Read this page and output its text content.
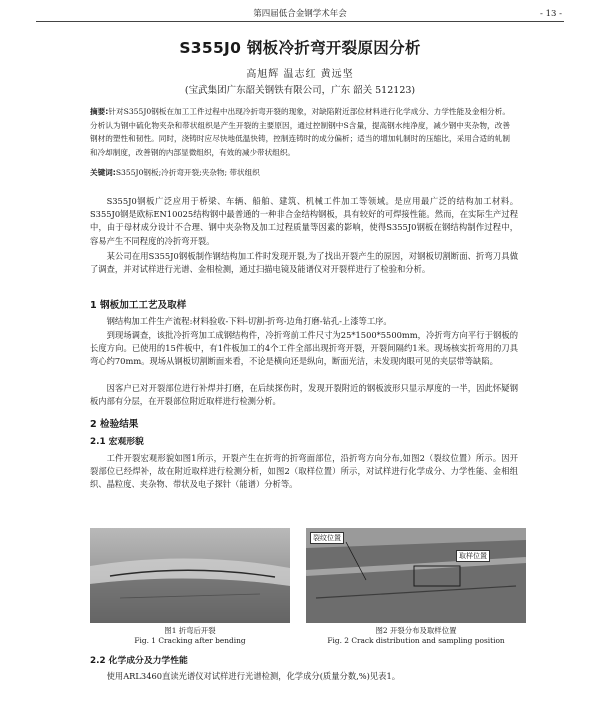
第四届低合金钢学术年会	- 13 -
S355J0 钢板冷折弯开裂原因分析
高旭辉 温志红 黄远坚
(宝武集团广东韶关钢铁有限公司，广东 韶关 512123)
摘要:针对S355J0钢板在加工工件过程中出现冷折弯开裂的现象，对缺陷附近部位材料进行化学成分、力学性能及金相分析。分析认为钢中硫化物夹杂和带状组织是产生开裂的主要原因，通过控制钢中S含量，提高钢水纯净度，减少钢中夹杂物，改善钢材的塑性和韧性。同时，浇铸时应尽快地低温快铸，控制连铸时的成分偏析；适当的增加轧制时的压缩比，采用合适的轧制和冷却制度，改善钢的内部显微组织，有效的减少带状组织。
关键词:S355J0钢板;冷折弯开裂;夹杂物; 带状组织
S355J0钢板广泛应用于桥梁、车辆、船舶、建筑、机械工件加工等领域。是应用最广泛的结构加工材料。S355J0钢是欧标EN10025结构钢中最普通的一种非合金结构钢板，具有较好的可焊接性能。然而，在实际生产过程中，由于母材成分设计不合理、钢中夹杂物及加工过程质量等因素的影响，使得S355J0钢板在钢结构制作过程中，容易产生不同程度的冷折弯开裂。
某公司在用S355J0钢板制作钢结构加工件时发现开裂,为了找出开裂产生的原因，对钢板切割断面、折弯刀具做了调查，并对试样进行光谱、金相检测，通过扫描电镜及能谱仪对开裂样进行了检验和分析。
1 钢板加工工艺及取样
钢结构加工件生产流程:材料验收-下料-切割-折弯-边角打磨-钻孔-上漆等工序。
到现场调查，该批冷折弯加工成钢结构件，冷折弯前工件尺寸为25*1500*5500mm，冷折弯方向平行于钢板的长度方向。已使用的15件板中，有1件板加工的4个工件全部出现折弯开裂，开裂间隔约1米。现场核实折弯用的刀具弯心约70mm。现场从钢板切割断面来看，不论是横向还是纵向，断面光洁，未发现肉眼可见的夹层带等缺陷。
因客户已对开裂部位进行补焊并打磨，在后续探伤时，发现开裂附近的钢板波形只显示厚度的一半，因此怀疑钢板内部有分层，在开裂部位附近取样进行检测分析。
2 检验结果
2.1 宏观形貌
工件开裂宏观形貌如图1所示，开裂产生在折弯的折弯面部位，沿折弯方向分布,如图2（裂纹位置）所示。因开裂部位已经焊补，故在附近取样进行检测分析，如图2（取样位置）所示，对试样进行化学成分、力学性能、金相组织、晶粒度、夹杂物、带状及电子探针（能谱）分析等。
裂纹位置
取样位置
图1 折弯后开裂
Fig. 1 Cracking after bending
图2 开裂分布及取样位置
Fig. 2 Crack distribution and sampling position
2.2 化学成分及力学性能
使用ARL3460直读光谱仪对试样进行光谱检测，化学成分(质量分数,%)见表1。
